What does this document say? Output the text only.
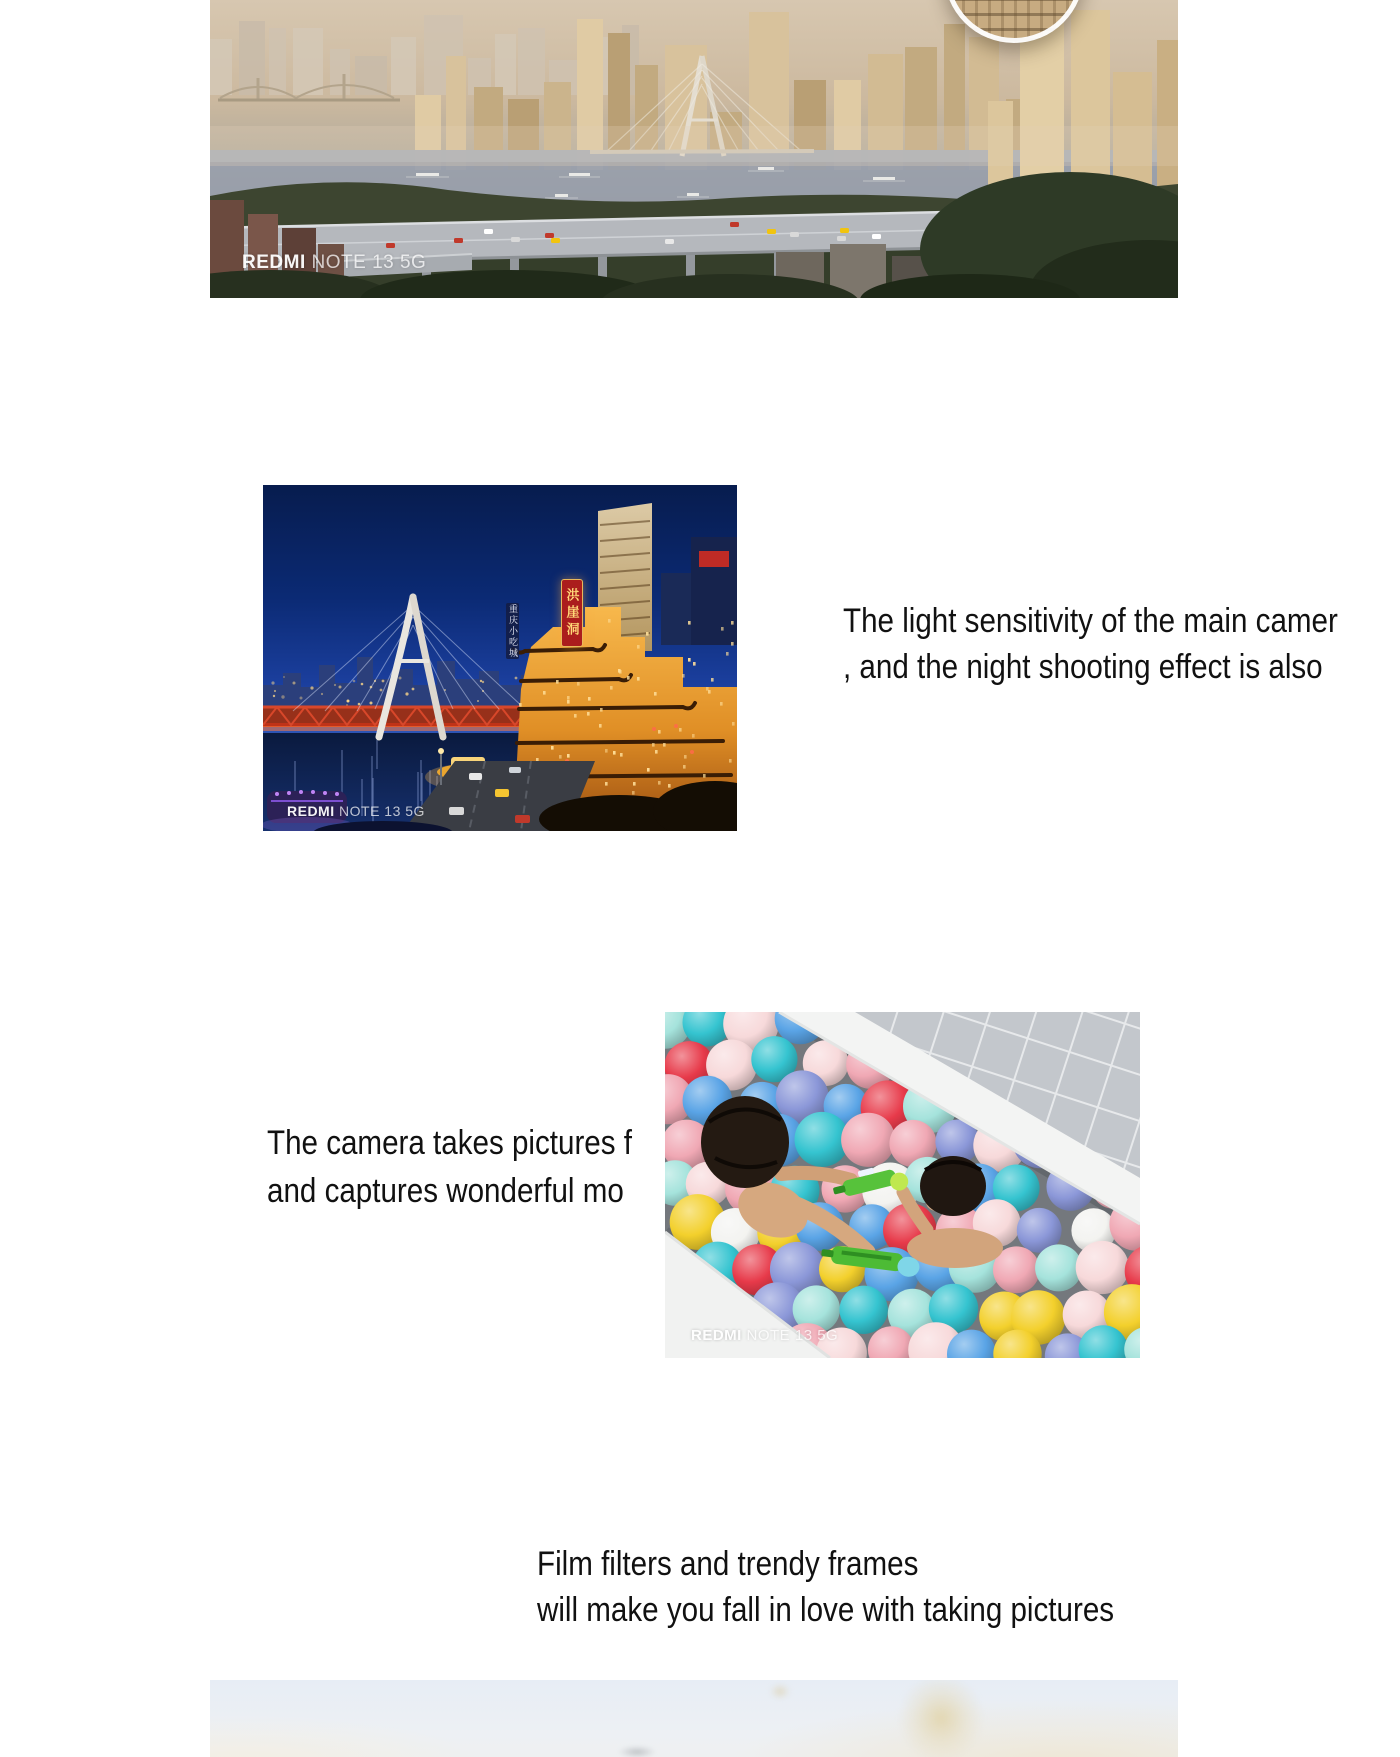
REDMI NOTE 13 5G
洪崖洞
重庆小吃城
REDMI NOTE 13 5G

The light sensitivity of the main camer
, and the night shooting effect is also

The camera takes pictures f
and captures wonderful mo

REDMI NOTE 13 5G

Film filters and trendy frames
will make you fall in love with taking pictures
